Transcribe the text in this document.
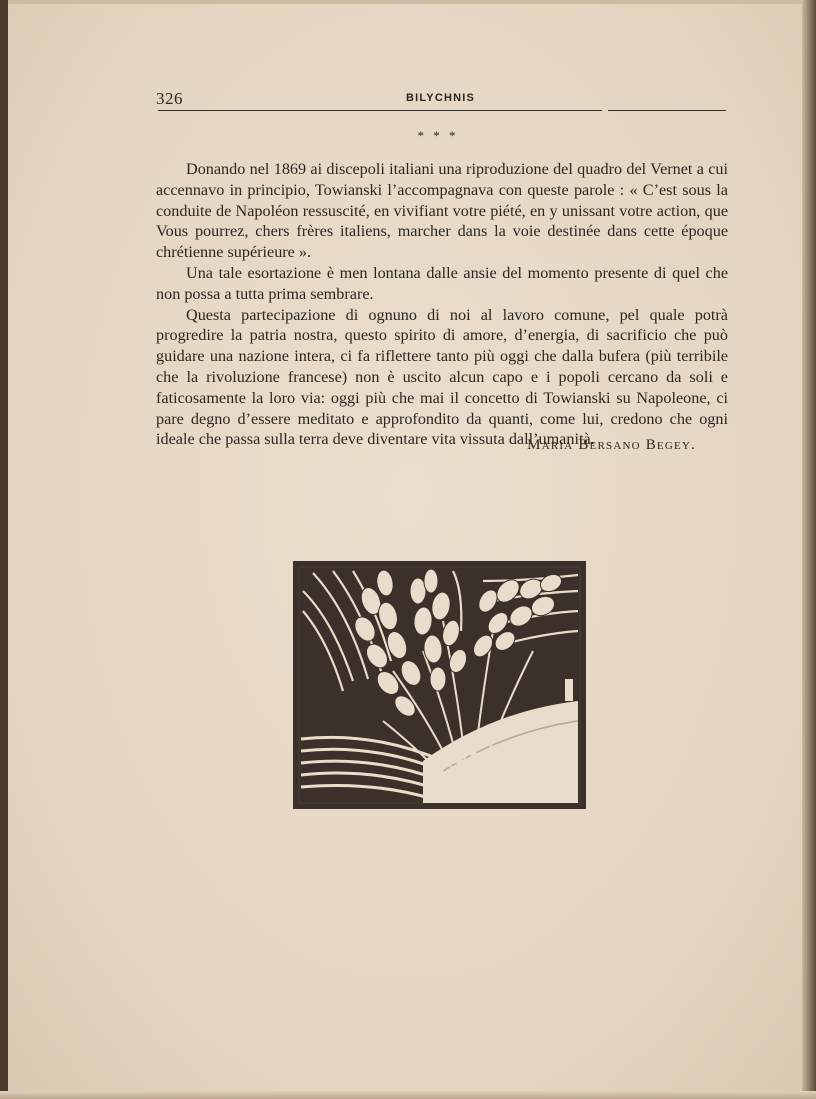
326	BILYCHNIS
* * *

Donando nel 1869 ai discepoli italiani una riproduzione del quadro del Vernet a cui accennavo in principio, Towianski l’accompagnava con queste parole : « C’est sous la conduite de Napoléon ressuscité, en vivifiant votre piété, en y unissant votre action, que Vous pourrez, chers frères italiens, marcher dans la voie destinée dans cette époque chrétienne supérieure ».

Una tale esortazione è men lontana dalle ansie del momento presente di quel che non possa a tutta prima sembrare.

Questa partecipazione di ognuno di noi al lavoro comune, pel quale potrà progredire la patria nostra, questo spirito di amore, d’energia, di sacrificio che può guidare una nazione intera, ci fa riflettere tanto più oggi che dalla bufera (più terribile che la rivoluzione francese) non è uscito alcun capo e i popoli cercano da soli e faticosamente la loro via: oggi più che mai il concetto di Towianski su Napoleone, ci pare degno d’essere meditato e approfondito da quanti, come lui, credono che ogni ideale che passa sulla terra deve diventare vita vissuta dall’umanità.

Maria Bersano Begey.
